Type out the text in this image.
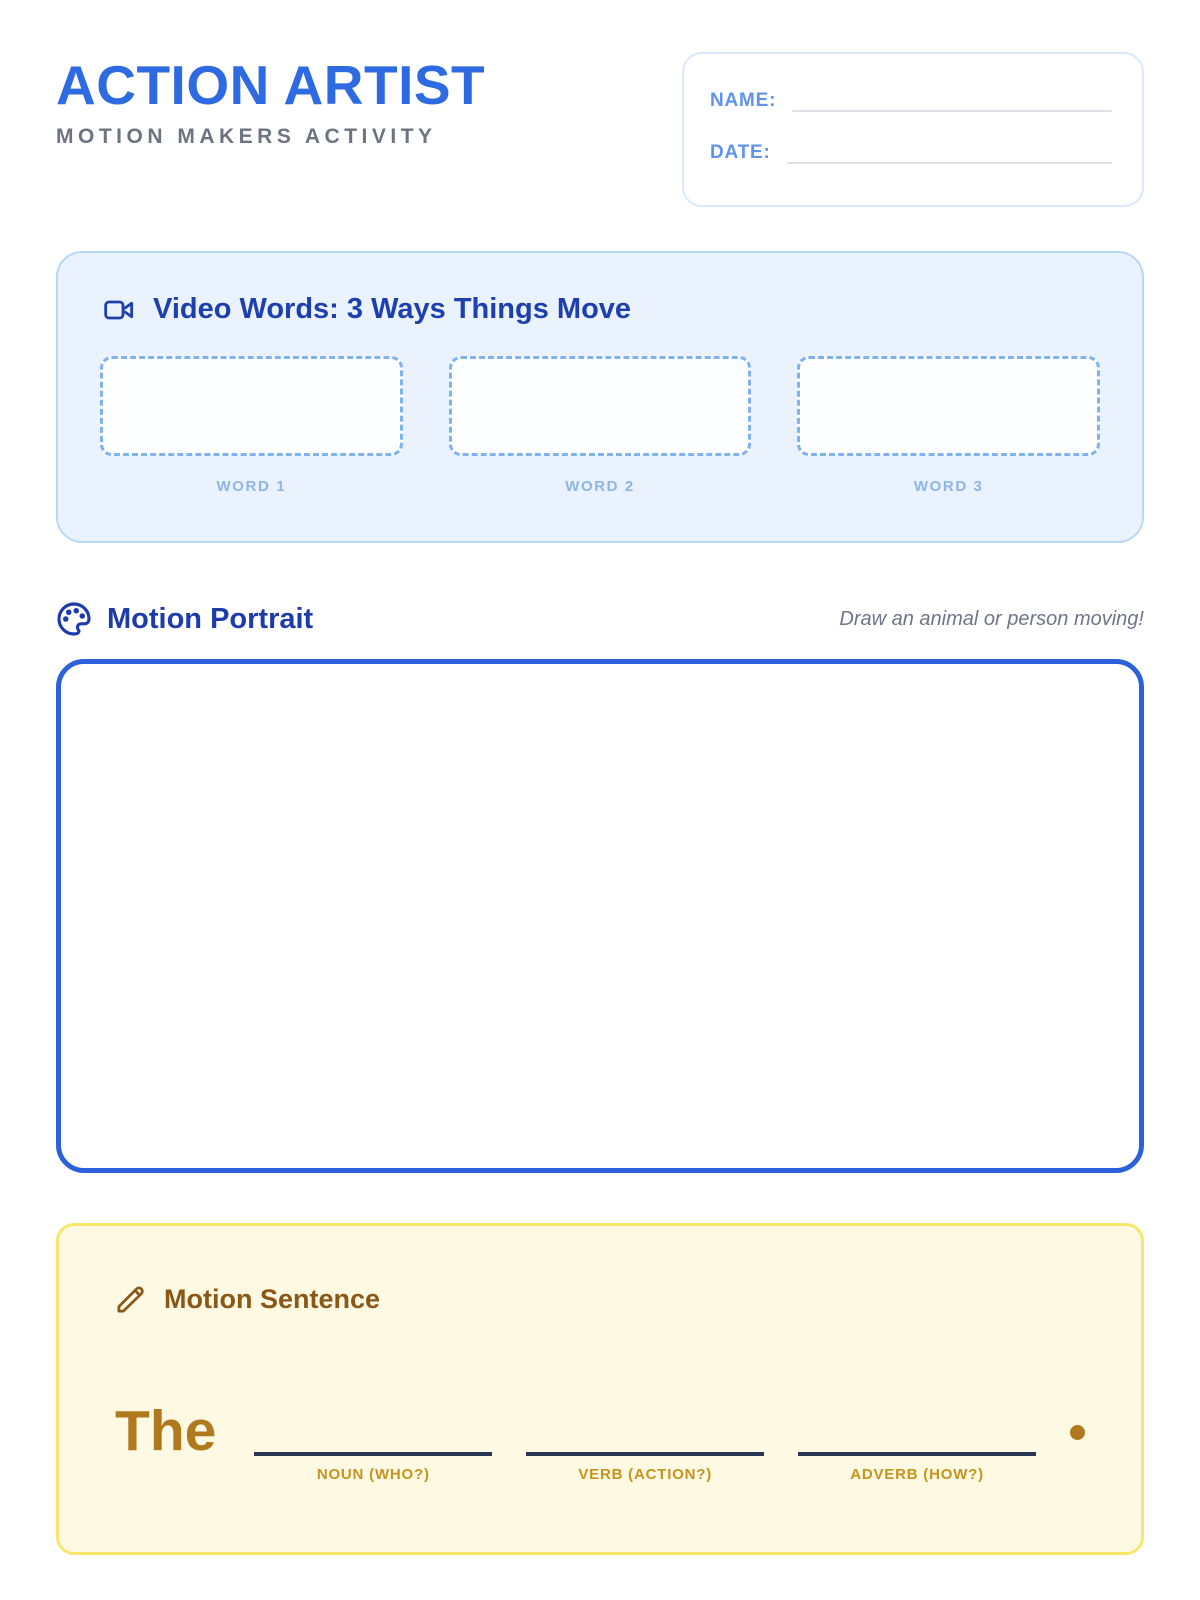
ACTION ARTIST
MOTION MAKERS ACTIVITY
NAME:
DATE:
Video Words: 3 Ways Things Move
WORD 1	WORD 2	WORD 3
Motion Portrait	Draw an animal or person moving!
Motion Sentence
The
NOUN (WHO?)	VERB (ACTION?)	ADVERB (HOW?)
